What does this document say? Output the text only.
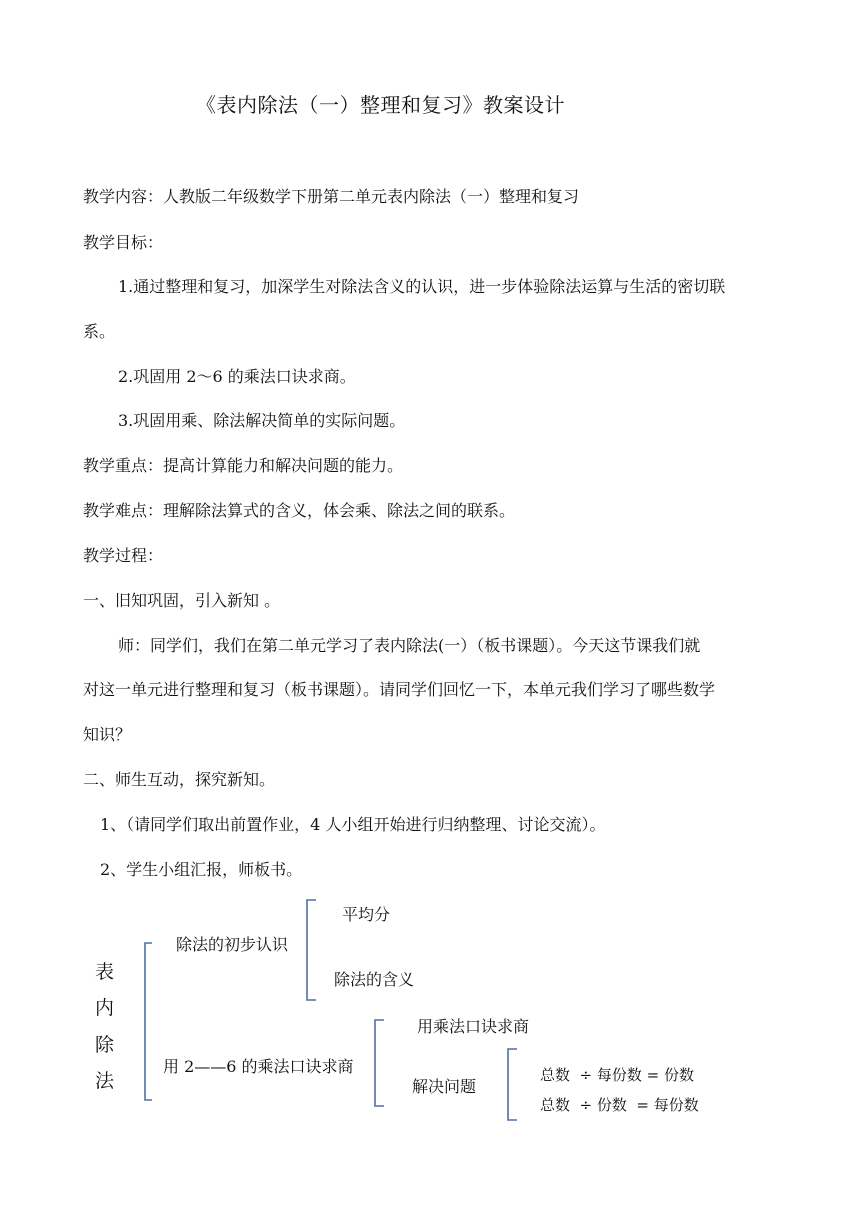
《表内除法（一）整理和复习》教案设计
教学内容：人教版二年级数学下册第二单元表内除法（一）整理和复习
教学目标：
1.通过整理和复习，加深学生对除法含义的认识，进一步体验除法运算与生活的密切联
系。
2.巩固用 2～6 的乘法口诀求商。
3.巩固用乘、除法解决简单的实际问题。
教学重点：提高计算能力和解决问题的能力。
教学难点：理解除法算式的含义，体会乘、除法之间的联系。
教学过程：
一、旧知巩固，引入新知 。
师：同学们，我们在第二单元学习了表内除法(一）（板书课题）。今天这节课我们就
对这一单元进行整理和复习（板书课题）。请同学们回忆一下，本单元我们学习了哪些数学
知识？
二、师生互动，探究新知。
1、（请同学们取出前置作业，4 人小组开始进行归纳整理、讨论交流）。
2、学生小组汇报，师板书。
表
内
除
法
除法的初步认识
平均分
除法的含义
用 2——6 的乘法口诀求商
用乘法口诀求商
解决问题
总数  ÷ 每份数 = 份数
总数  ÷ 份数  = 每份数
